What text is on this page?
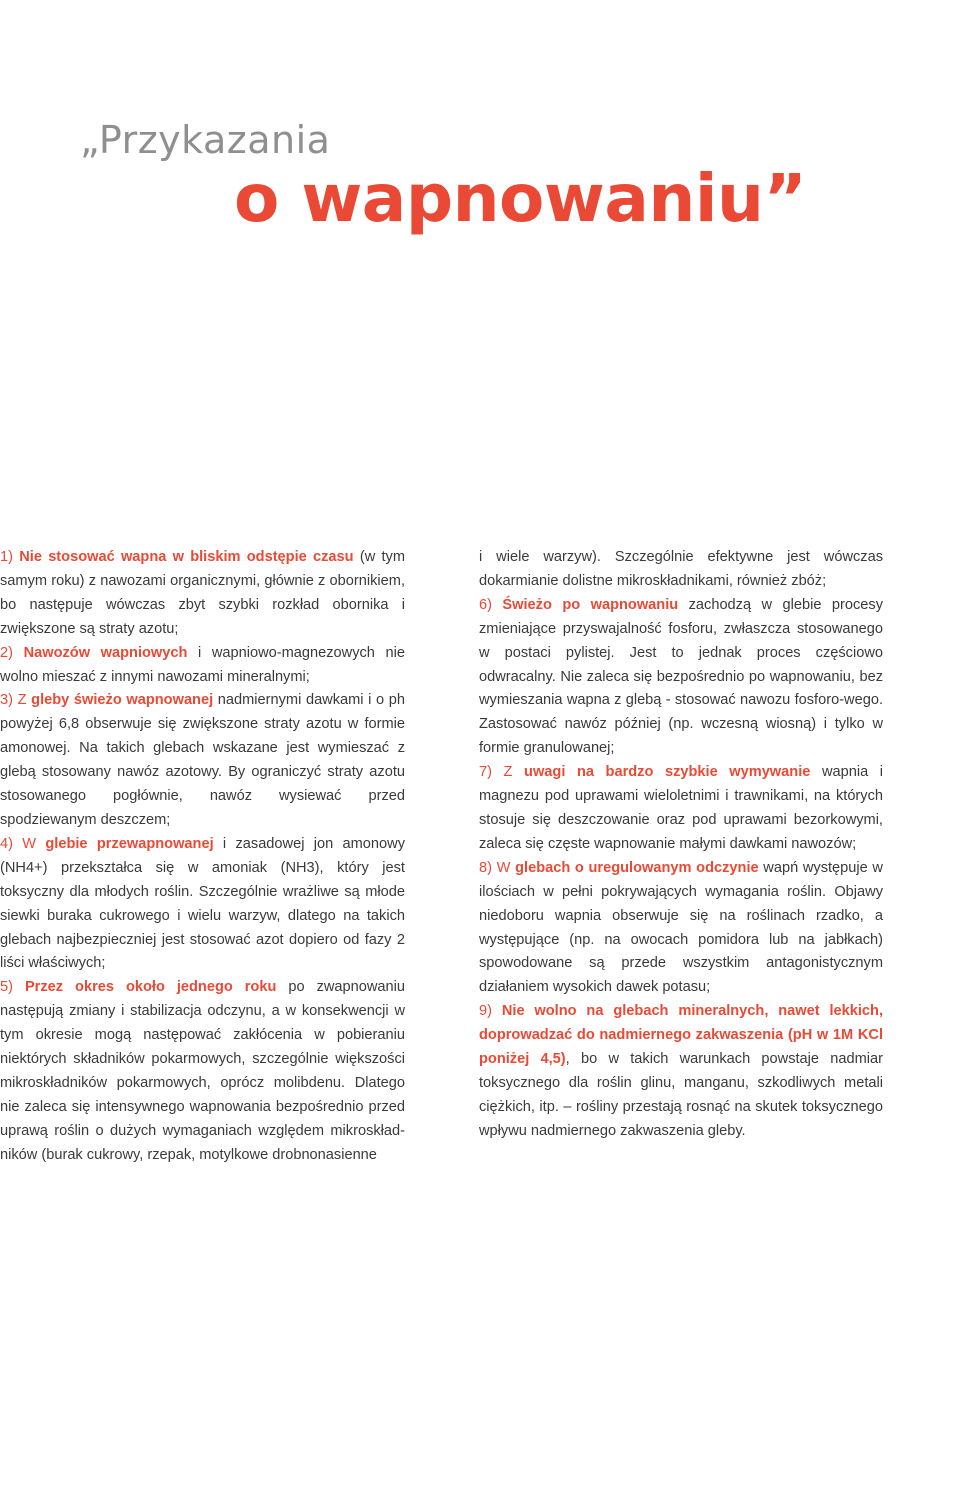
„Przykazania
o wapnowaniu”

1) Nie stosować wapna w bliskim odstępie czasu (w tym samym roku) z nawozami organicznymi, głównie z obornikiem, bo następuje wówczas zbyt szybki rozkład obornika i zwiększone są straty azotu;

2) Nawozów wapniowych i wapniowo-magnezowych nie wolno mieszać z innymi nawozami mineralnymi;

3) Z gleby świeżo wapnowanej nadmiernymi dawkami i o ph powyżej 6,8 obserwuje się zwiększone straty azotu w formie amonowej. Na takich glebach wskazane jest wymieszać z glebą stosowany nawóz azotowy. By ograniczyć straty azotu stosowanego pogłównie, nawóz wysiewać przed spodziewanym deszczem;

4) W glebie przewapnowanej i zasadowej jon amonowy (NH4+) przekształca się w amoniak (NH3), który jest toksyczny dla młodych roślin. Szczególnie wrażliwe są młode siewki buraka cukrowego i wielu warzyw, dlatego na takich glebach najbezpieczniej jest stosować azot dopiero od fazy 2 liści właściwych;

5) Przez okres około jednego roku po zwapnowaniu następują zmiany i stabilizacja odczynu, a w konsekwencji w tym okresie mogą następować zakłócenia w pobieraniu niektórych składników pokarmowych, szczególnie większości mikroskładników pokarmowych, oprócz molibdenu. Dlatego nie zaleca się intensywnego wapnowania bezpośrednio przed uprawą roślin o dużych wymaganiach względem mikroskład-ników (burak cukrowy, rzepak, motylkowe drobnonasienne

i wiele warzyw). Szczególnie efektywne jest wówczas dokarmianie dolistne mikroskładnikami, również zbóż;

6) Świeżo po wapnowaniu zachodzą w glebie procesy zmieniające przyswajalność fosforu, zwłaszcza stosowanego w postaci pylistej. Jest to jednak proces częściowo odwracalny. Nie zaleca się bezpośrednio po wapnowaniu, bez wymieszania wapna z glebą - stosować nawozu fosforo-wego. Zastosować nawóz później (np. wczesną wiosną) i tylko w formie granulowanej;

7) Z uwagi na bardzo szybkie wymywanie wapnia i magnezu pod uprawami wieloletnimi i trawnikami, na których stosuje się deszczowanie oraz pod uprawami bezorkowymi, zaleca się częste wapnowanie małymi dawkami nawozów;

8) W glebach o uregulowanym odczynie wapń występuje w ilościach w pełni pokrywających wymagania roślin. Objawy niedoboru wapnia obserwuje się na roślinach rzadko, a występujące (np. na owocach pomidora lub na jabłkach) spowodowane są przede wszystkim antagonistycznym działaniem wysokich dawek potasu;

9) Nie wolno na glebach mineralnych, nawet lekkich, doprowadzać do nadmiernego zakwaszenia (pH w 1M KCl poniżej 4,5), bo w takich warunkach powstaje nadmiar toksycznego dla roślin glinu, manganu, szkodliwych metali ciężkich, itp. – rośliny przestają rosnąć na skutek toksycznego wpływu nadmiernego zakwaszenia gleby.
